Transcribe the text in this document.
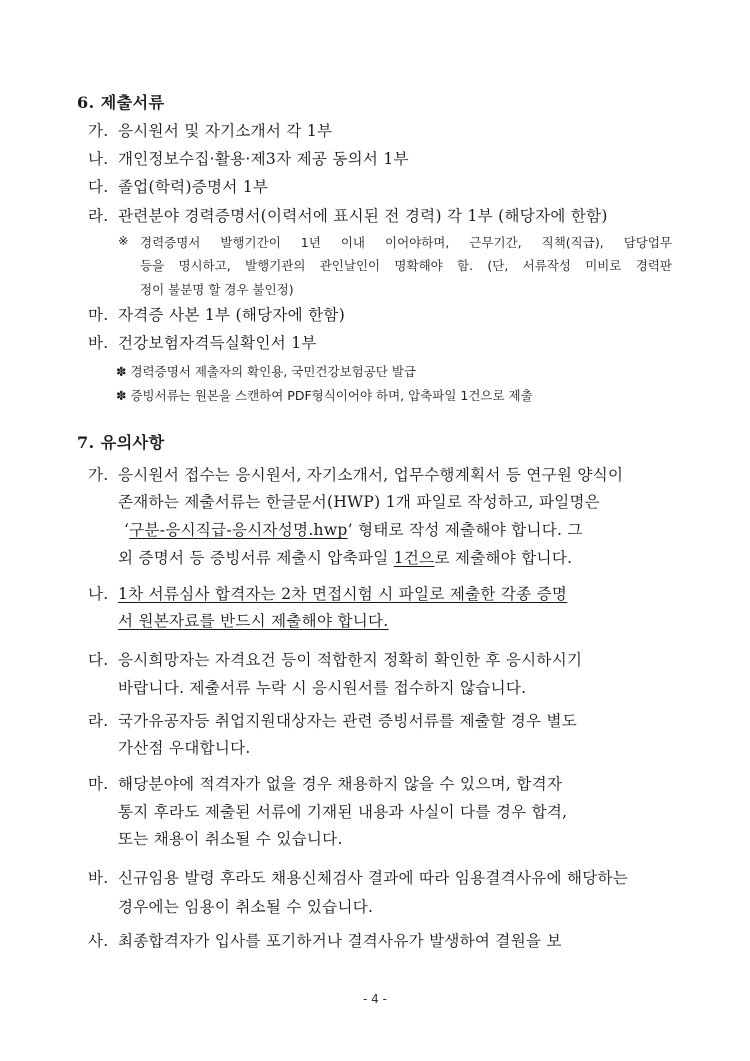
6. 제출서류
가. 응시원서 및 자기소개서 각 1부
나. 개인정보수집·활용·제3자 제공 동의서 1부
다. 졸업(학력)증명서 1부
라. 관련분야 경력증명서(이력서에 표시된 전 경력) 각 1부 (해당자에 한함)
※ 경력증명서 발행기간이 1년 이내 이어야하며, 근무기간, 직책(직급), 담당업무
등을 명시하고, 발행기관의 관인날인이 명확해야 함. (단, 서류작성 미비로 경력판
정이 불분명 할 경우 불인정)
마. 자격증 사본 1부 (해당자에 한함)
바. 건강보험자격득실확인서 1부
✽ 경력증명서 제출자의 확인용, 국민건강보험공단 발급
✽ 증빙서류는 원본을 스캔하여 PDF형식이어야 하며, 압축파일 1건으로 제출
7. 유의사항
가. 응시원서 접수는 응시원서, 자기소개서, 업무수행계획서 등 연구원 양식이
존재하는 제출서류는 한글문서(HWP) 1개 파일로 작성하고, 파일명은
‘구분-응시직급-응시자성명.hwp’ 형태로 작성 제출해야 합니다. 그
외 증명서 등 증빙서류 제출시 압축파일 1건으로 제출해야 합니다.
나. 1차 서류심사 합격자는 2차 면접시험 시 파일로 제출한 각종 증명
서 원본자료를 반드시 제출해야 합니다.
다. 응시희망자는 자격요건 등이 적합한지 정확히 확인한 후 응시하시기
바랍니다. 제출서류 누락 시 응시원서를 접수하지 않습니다.
라. 국가유공자등 취업지원대상자는 관련 증빙서류를 제출할 경우 별도
가산점 우대합니다.
마. 해당분야에 적격자가 없을 경우 채용하지 않을 수 있으며, 합격자
통지 후라도 제출된 서류에 기재된 내용과 사실이 다를 경우 합격,
또는 채용이 취소될 수 있습니다.
바. 신규임용 발령 후라도 채용신체검사 결과에 따라 임용결격사유에 해당하는
경우에는 임용이 취소될 수 있습니다.
사. 최종합격자가 입사를 포기하거나 결격사유가 발생하여 결원을 보
- 4 -
